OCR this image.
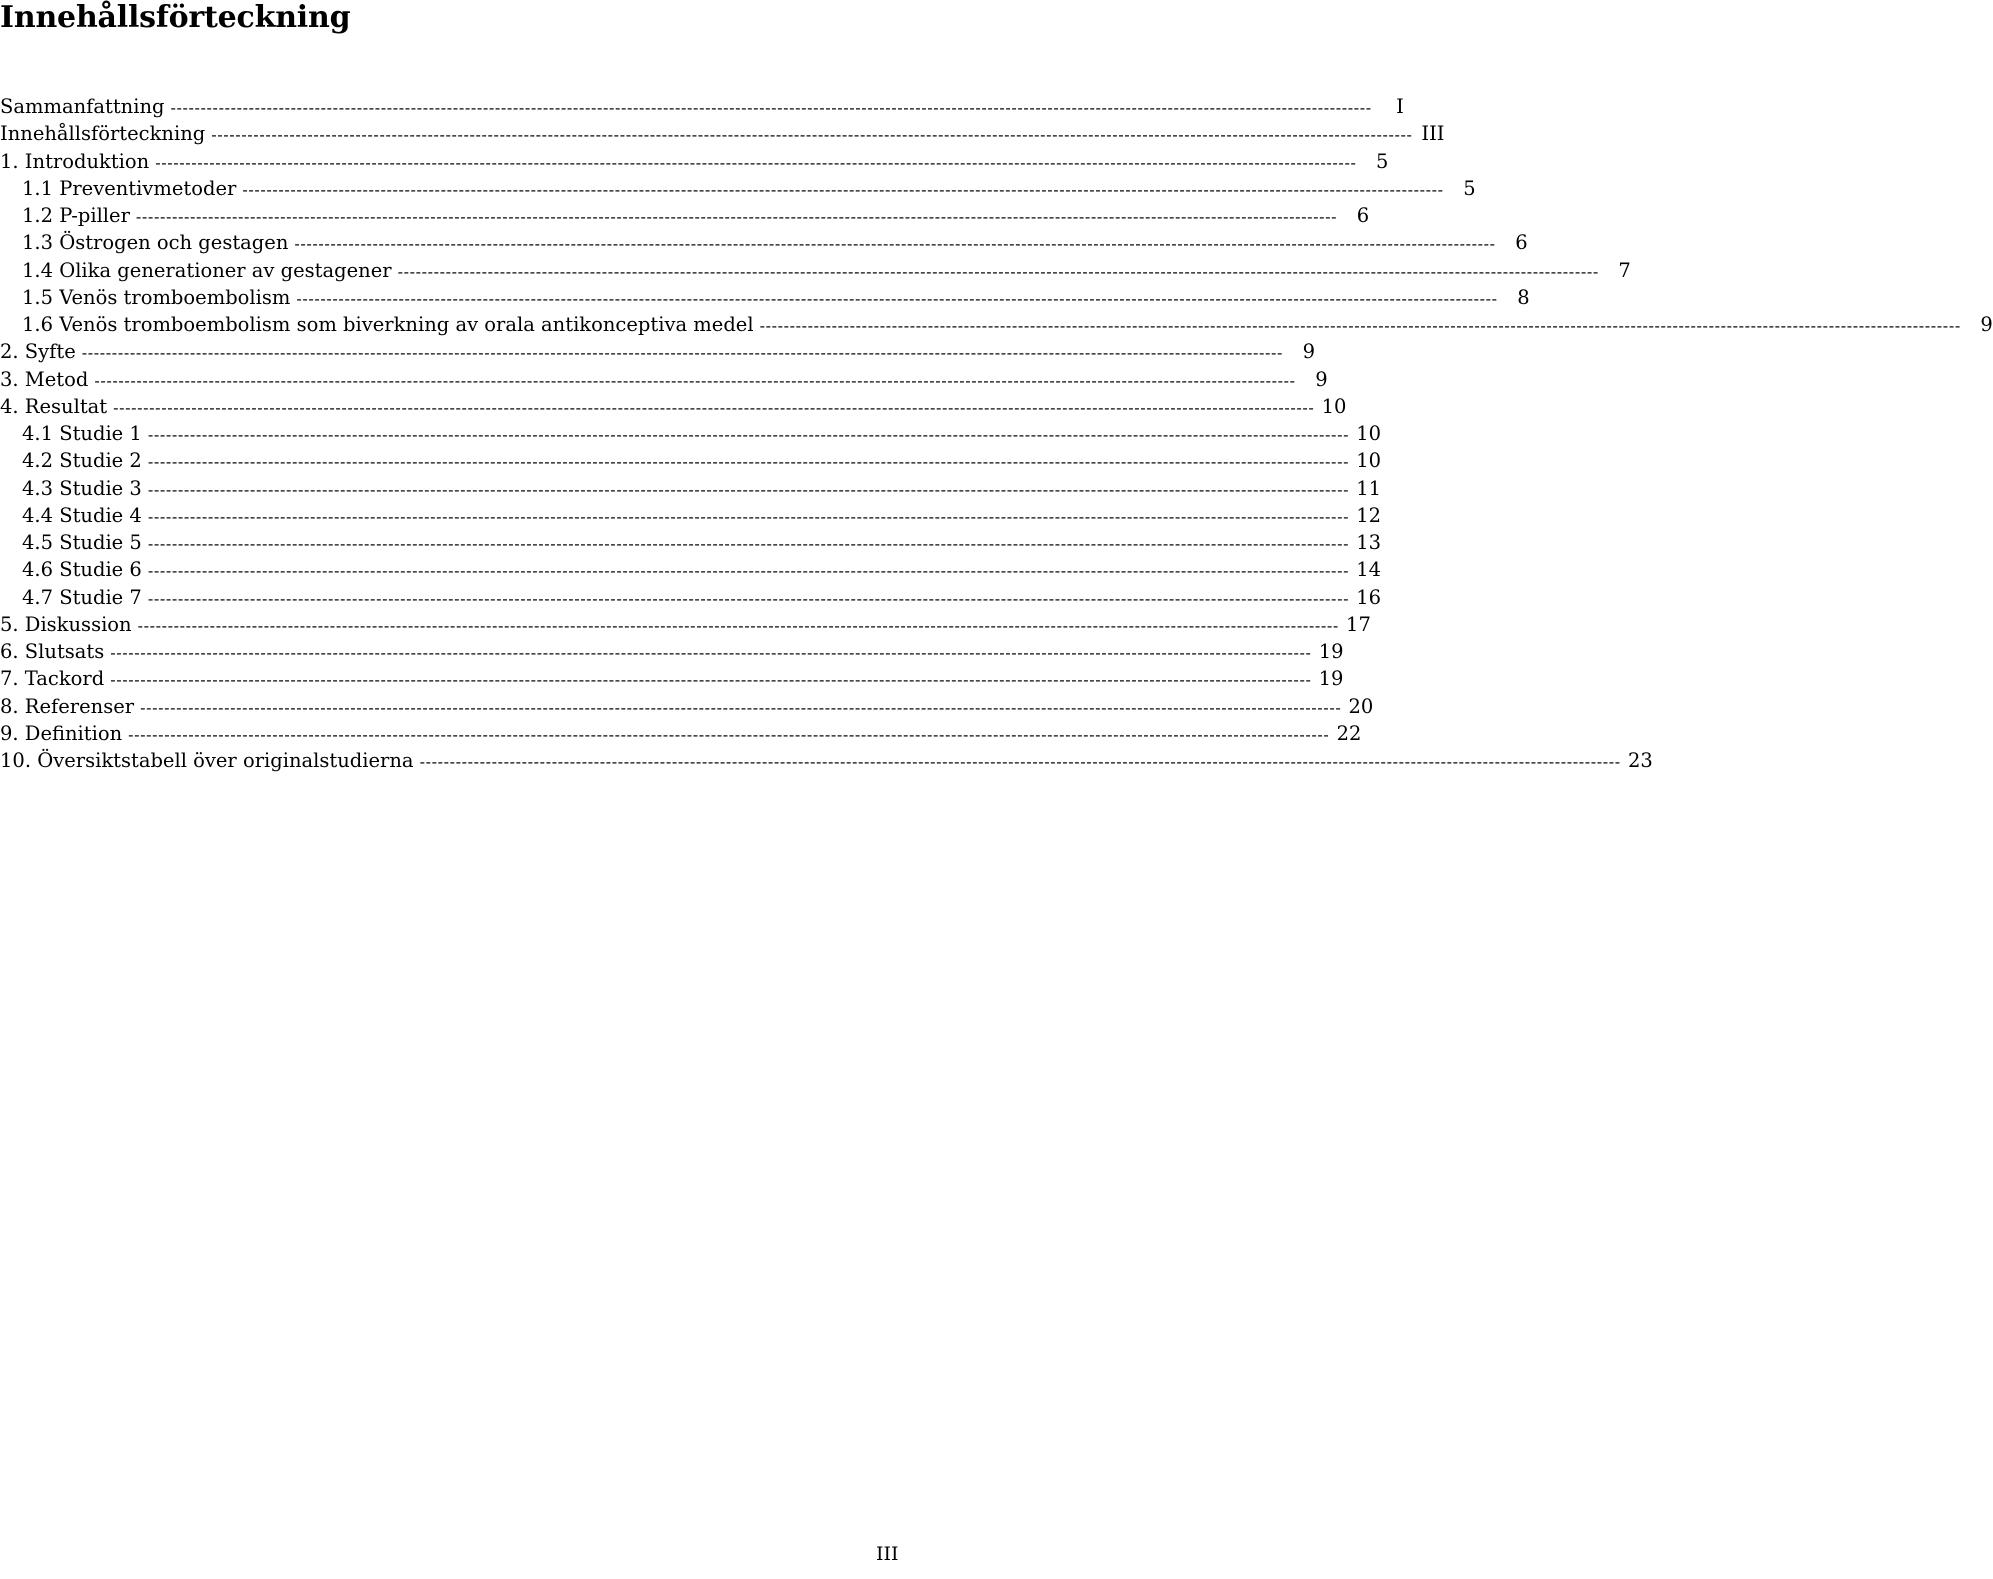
Innehållsförteckning
Sammanfattning --------------------------------------------------------------------------------------------------------------------------------------------------------------------------------------------------------	I
Innehållsförteckning -------------------------------------------------------------------------------------------------------------------------------------------------------------------------------------------------------- III
1. Introduktion --------------------------------------------------------------------------------------------------------------------------------------------------------------------------------------------------------	5
1.1 Preventivmetoder --------------------------------------------------------------------------------------------------------------------------------------------------------------------------------------------------------	5
1.2 P-piller --------------------------------------------------------------------------------------------------------------------------------------------------------------------------------------------------------	6
1.3 Östrogen och gestagen --------------------------------------------------------------------------------------------------------------------------------------------------------------------------------------------------------	6
1.4 Olika generationer av gestagener --------------------------------------------------------------------------------------------------------------------------------------------------------------------------------------------------------	7
1.5 Venös tromboembolism --------------------------------------------------------------------------------------------------------------------------------------------------------------------------------------------------------	8
1.6 Venös tromboembolism som biverkning av orala antikonceptiva medel --------------------------------------------------------------------------------------------------------------------------------------------------------------------------------------------------------	9
2. Syfte --------------------------------------------------------------------------------------------------------------------------------------------------------------------------------------------------------	9
3. Metod --------------------------------------------------------------------------------------------------------------------------------------------------------------------------------------------------------	9
4. Resultat -------------------------------------------------------------------------------------------------------------------------------------------------------------------------------------------------------- 10
4.1 Studie 1 -------------------------------------------------------------------------------------------------------------------------------------------------------------------------------------------------------- 10
4.2 Studie 2 -------------------------------------------------------------------------------------------------------------------------------------------------------------------------------------------------------- 10
4.3 Studie 3 -------------------------------------------------------------------------------------------------------------------------------------------------------------------------------------------------------- 11
4.4 Studie 4 -------------------------------------------------------------------------------------------------------------------------------------------------------------------------------------------------------- 12
4.5 Studie 5 -------------------------------------------------------------------------------------------------------------------------------------------------------------------------------------------------------- 13
4.6 Studie 6 -------------------------------------------------------------------------------------------------------------------------------------------------------------------------------------------------------- 14
4.7 Studie 7 -------------------------------------------------------------------------------------------------------------------------------------------------------------------------------------------------------- 16
5. Diskussion -------------------------------------------------------------------------------------------------------------------------------------------------------------------------------------------------------- 17
6. Slutsats -------------------------------------------------------------------------------------------------------------------------------------------------------------------------------------------------------- 19
7. Tackord -------------------------------------------------------------------------------------------------------------------------------------------------------------------------------------------------------- 19
8. Referenser -------------------------------------------------------------------------------------------------------------------------------------------------------------------------------------------------------- 20
9. Definition -------------------------------------------------------------------------------------------------------------------------------------------------------------------------------------------------------- 22
10. Översiktstabell över originalstudierna -------------------------------------------------------------------------------------------------------------------------------------------------------------------------------------------------------- 23
III
